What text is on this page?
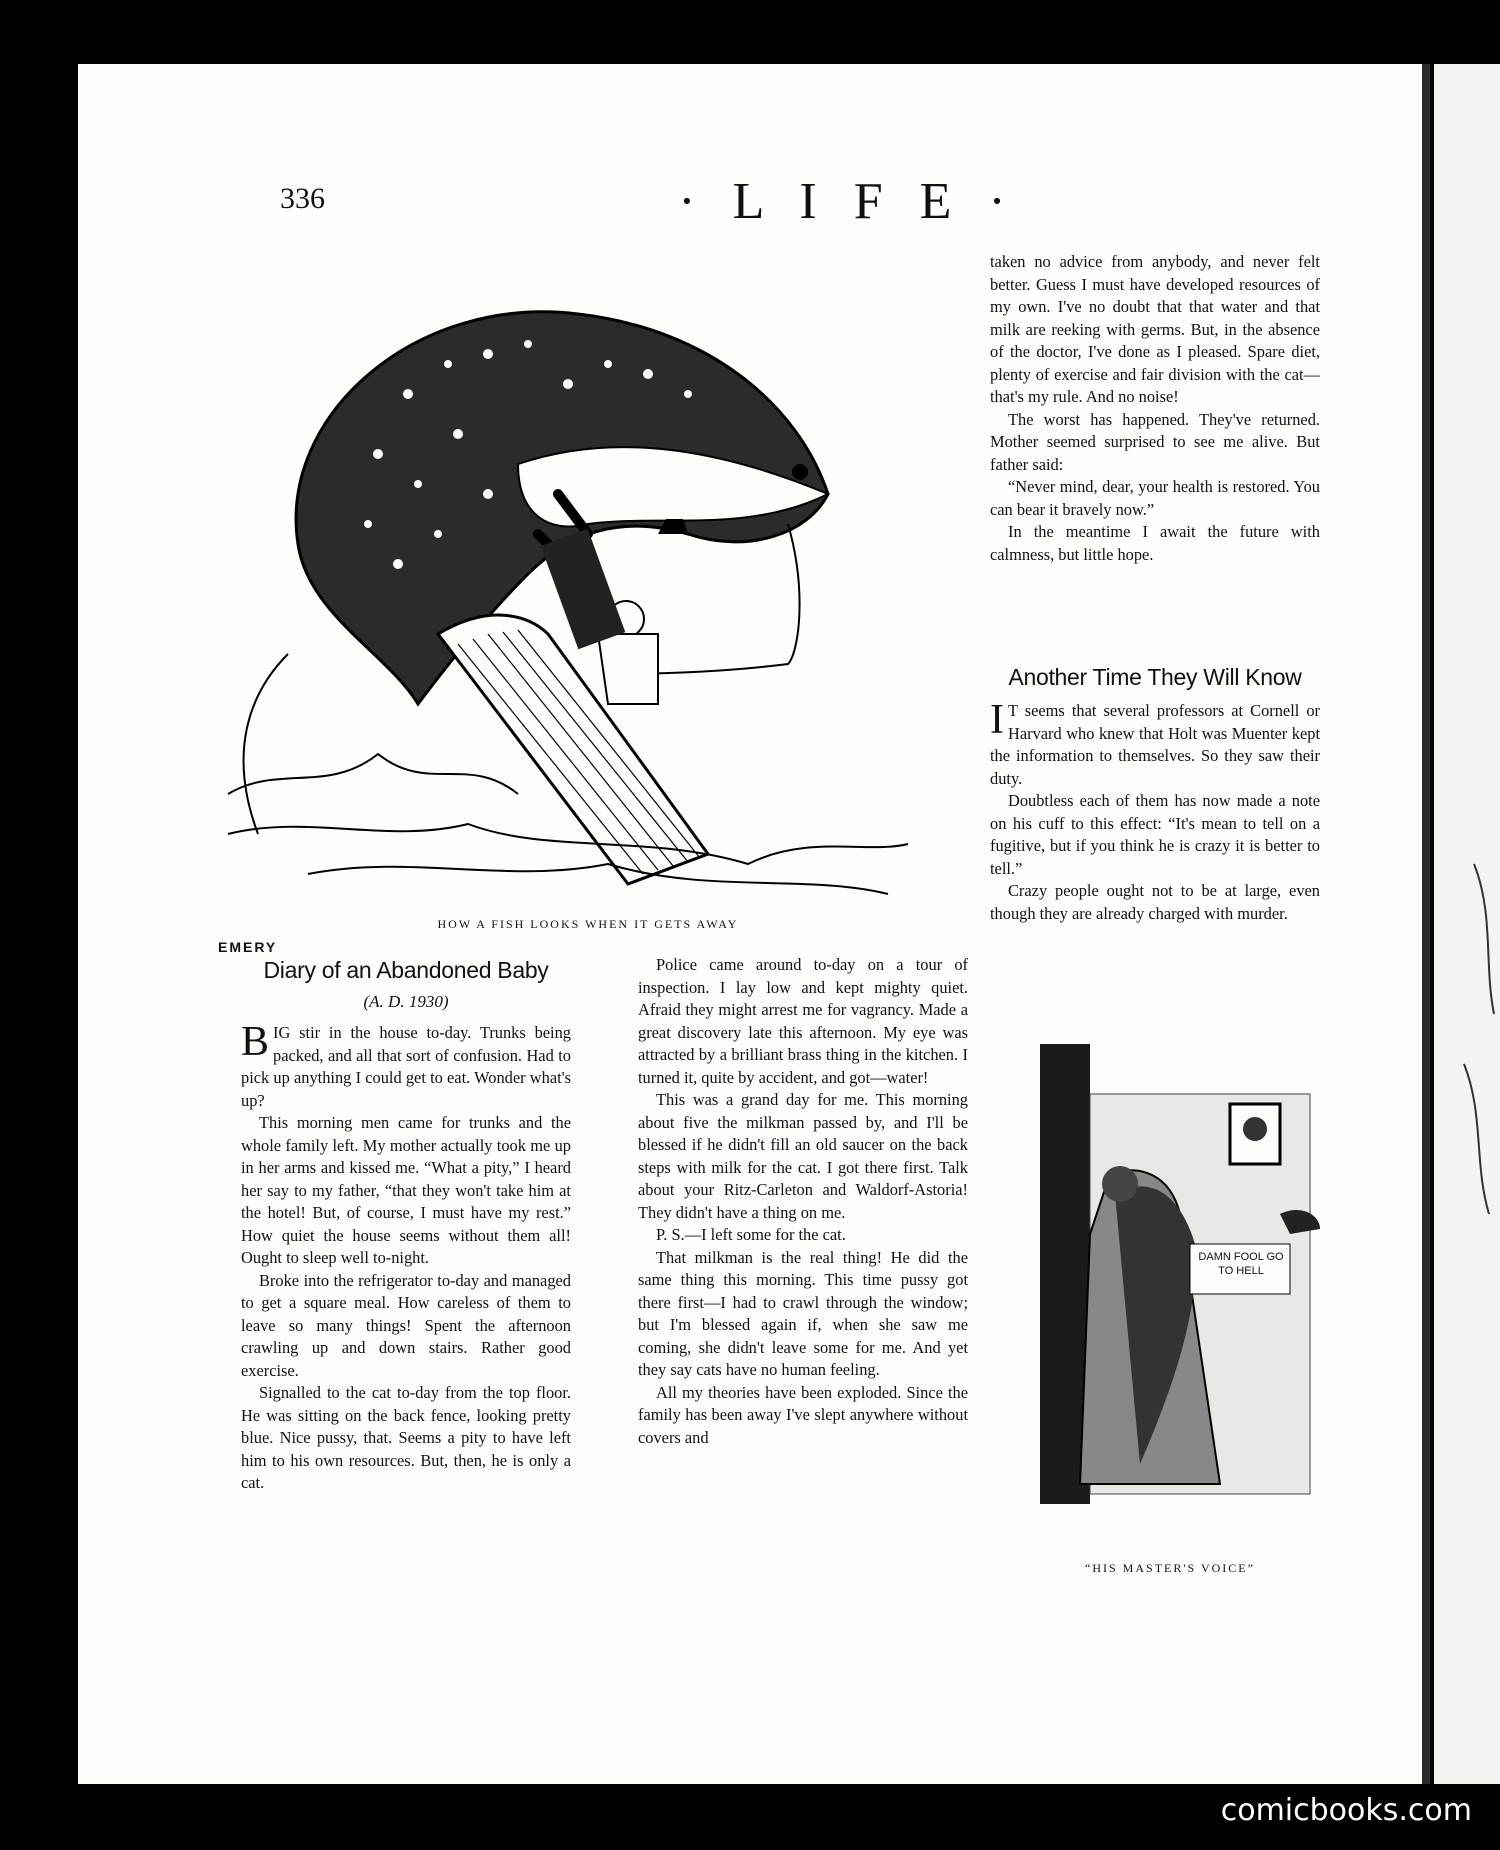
336	· L I F E ·
EMERY
HOW A FISH LOOKS WHEN IT GETS AWAY
Diary of an Abandoned Baby
(A. D. 1930)

BIG stir in the house to-day. Trunks being packed, and all that sort of confusion. Had to pick up anything I could get to eat. Wonder what's up?

This morning men came for trunks and the whole family left. My mother actually took me up in her arms and kissed me. “What a pity,” I heard her say to my father, “that they won't take him at the hotel! But, of course, I must have my rest.” How quiet the house seems without them all! Ought to sleep well to-night.

Broke into the refrigerator to-day and managed to get a square meal. How careless of them to leave so many things! Spent the afternoon crawling up and down stairs. Rather good exercise.

Signalled to the cat to-day from the top floor. He was sitting on the back fence, looking pretty blue. Nice pussy, that. Seems a pity to have left him to his own resources. But, then, he is only a cat.

Police came around to-day on a tour of inspection. I lay low and kept mighty quiet. Afraid they might arrest me for vagrancy. Made a great discovery late this afternoon. My eye was attracted by a brilliant brass thing in the kitchen. I turned it, quite by accident, and got—water!

This was a grand day for me. This morning about five the milkman passed by, and I'll be blessed if he didn't fill an old saucer on the back steps with milk for the cat. I got there first. Talk about your Ritz-Carleton and Waldorf-Astoria! They didn't have a thing on me.

P. S.—I left some for the cat.

That milkman is the real thing! He did the same thing this morning. This time pussy got there first—I had to crawl through the window; but I'm blessed again if, when she saw me coming, she didn't leave some for me. And yet they say cats have no human feeling.

All my theories have been exploded. Since the family has been away I've slept anywhere without covers and

taken no advice from anybody, and never felt better. Guess I must have developed resources of my own. I've no doubt that that water and that milk are reeking with germs. But, in the absence of the doctor, I've done as I pleased. Spare diet, plenty of exercise and fair division with the cat—that's my rule. And no noise!

The worst has happened. They've returned. Mother seemed surprised to see me alive. But father said:

“Never mind, dear, your health is restored. You can bear it bravely now.”

In the meantime I await the future with calmness, but little hope.

Another Time They Will Know

I T seems that several professors at Cornell or Harvard who knew that Holt was Muenter kept the information to themselves. So they saw their duty.

Doubtless each of them has now made a note on his cuff to this effect: “It's mean to tell on a fugitive, but if you think he is crazy it is better to tell.”

Crazy people ought not to be at large, even though they are already charged with murder.

DAMN FOOL GO TO HELL
“HIS MASTER'S VOICE”
comicbooks.com
